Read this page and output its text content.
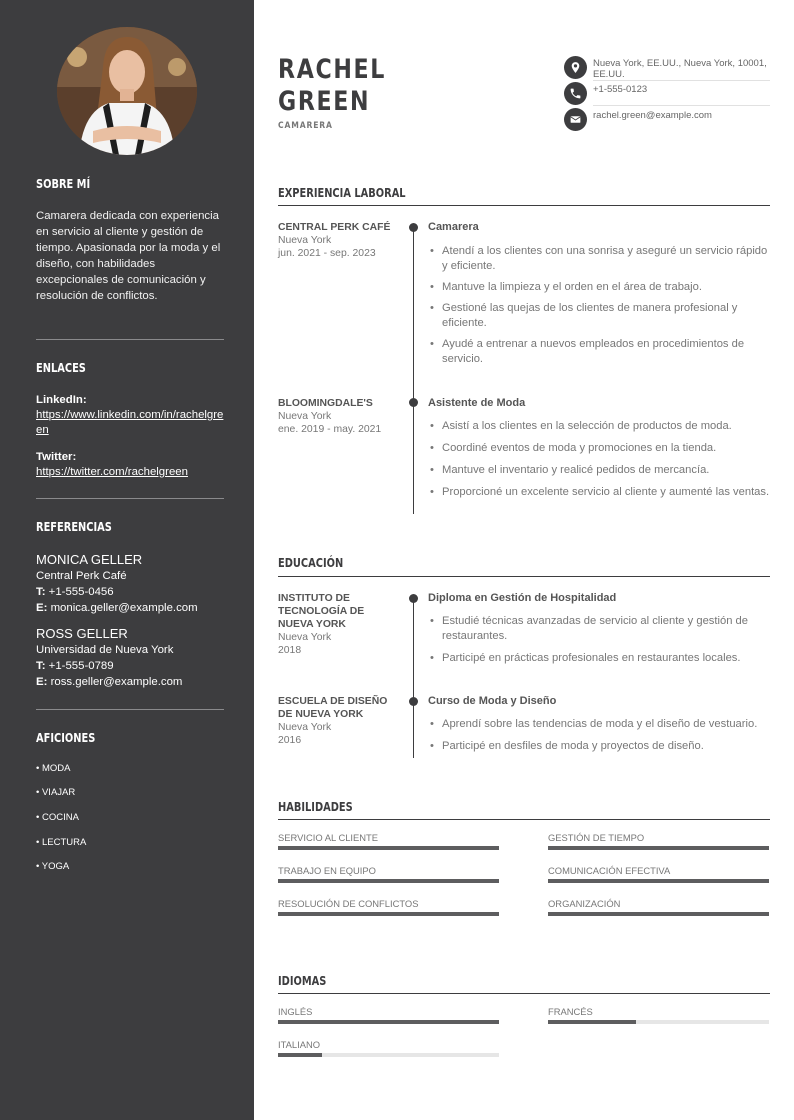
SOBRE MÍ
Camarera dedicada con experiencia en servicio al cliente y gestión de tiempo. Apasionada por la moda y el diseño, con habilidades excepcionales de comunicación y resolución de conflictos.
ENLACES
LinkedIn:
https://www.linkedin.com/in/rachelgreen
Twitter:
https://twitter.com/rachelgreen
REFERENCIAS
MONICA GELLER
Central Perk Café
T: +1-555-0456
E: monica.geller@example.com
ROSS GELLER
Universidad de Nueva York
T: +1-555-0789
E: ross.geller@example.com
AFICIONES
• MODA
• VIAJAR
• COCINA
• LECTURA
• YOGA
RACHEL
GREEN
CAMARERA
Nueva York, EE.UU., Nueva York, 10001, EE.UU.
+1-555-0123
rachel.green@example.com
EXPERIENCIA LABORAL
CENTRAL PERK CAFÉ
Nueva York
jun. 2021 - sep. 2023
Camarera
• Atendí a los clientes con una sonrisa y aseguré un servicio rápido y eficiente.
• Mantuve la limpieza y el orden en el área de trabajo.
• Gestioné las quejas de los clientes de manera profesional y eficiente.
• Ayudé a entrenar a nuevos empleados en procedimientos de servicio.
BLOOMINGDALE'S
Nueva York
ene. 2019 - may. 2021
Asistente de Moda
• Asistí a los clientes en la selección de productos de moda.
• Coordiné eventos de moda y promociones en la tienda.
• Mantuve el inventario y realicé pedidos de mercancía.
• Proporcioné un excelente servicio al cliente y aumenté las ventas.
EDUCACIÓN
INSTITUTO DE TECNOLOGÍA DE NUEVA YORK
Nueva York
2018
Diploma en Gestión de Hospitalidad
• Estudié técnicas avanzadas de servicio al cliente y gestión de restaurantes.
• Participé en prácticas profesionales en restaurantes locales.
ESCUELA DE DISEÑO DE NUEVA YORK
Nueva York
2016
Curso de Moda y Diseño
• Aprendí sobre las tendencias de moda y el diseño de vestuario.
• Participé en desfiles de moda y proyectos de diseño.
HABILIDADES
SERVICIO AL CLIENTE	GESTIÓN DE TIEMPO
TRABAJO EN EQUIPO	COMUNICACIÓN EFECTIVA
RESOLUCIÓN DE CONFLICTOS	ORGANIZACIÓN
IDIOMAS
INGLÉS	FRANCÉS
ITALIANO
